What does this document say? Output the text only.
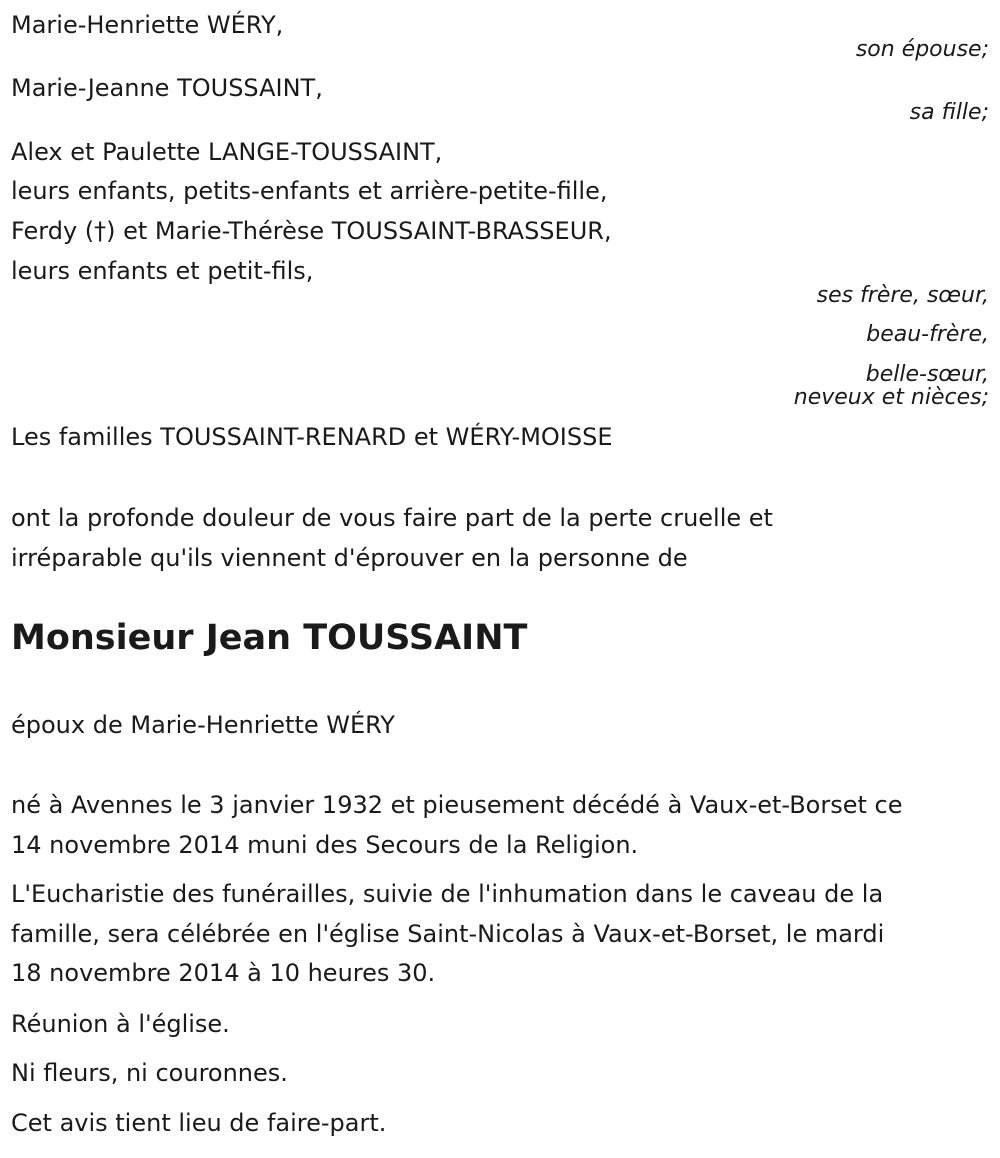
Marie-Henriette WÉRY,
son épouse;
Marie-Jeanne TOUSSAINT,
sa fille;
Alex et Paulette LANGE-TOUSSAINT,
leurs enfants, petits-enfants et arrière-petite-fille,
Ferdy (†) et Marie-Thérèse TOUSSAINT-BRASSEUR,
leurs enfants et petit-fils,
ses frère, sœur,
beau-frère,
belle-sœur,
neveux et nièces;
Les familles TOUSSAINT-RENARD et WÉRY-MOISSE
ont la profonde douleur de vous faire part de la perte cruelle et
irréparable qu'ils viennent d'éprouver en la personne de
Monsieur Jean TOUSSAINT
époux de Marie-Henriette WÉRY
né à Avennes le 3 janvier 1932 et pieusement décédé à Vaux-et-Borset ce
14 novembre 2014 muni des Secours de la Religion.
L'Eucharistie des funérailles, suivie de l'inhumation dans le caveau de la
famille, sera célébrée en l'église Saint-Nicolas à Vaux-et-Borset, le mardi
18 novembre 2014 à 10 heures 30.
Réunion à l'église.
Ni fleurs, ni couronnes.
Cet avis tient lieu de faire-part.
